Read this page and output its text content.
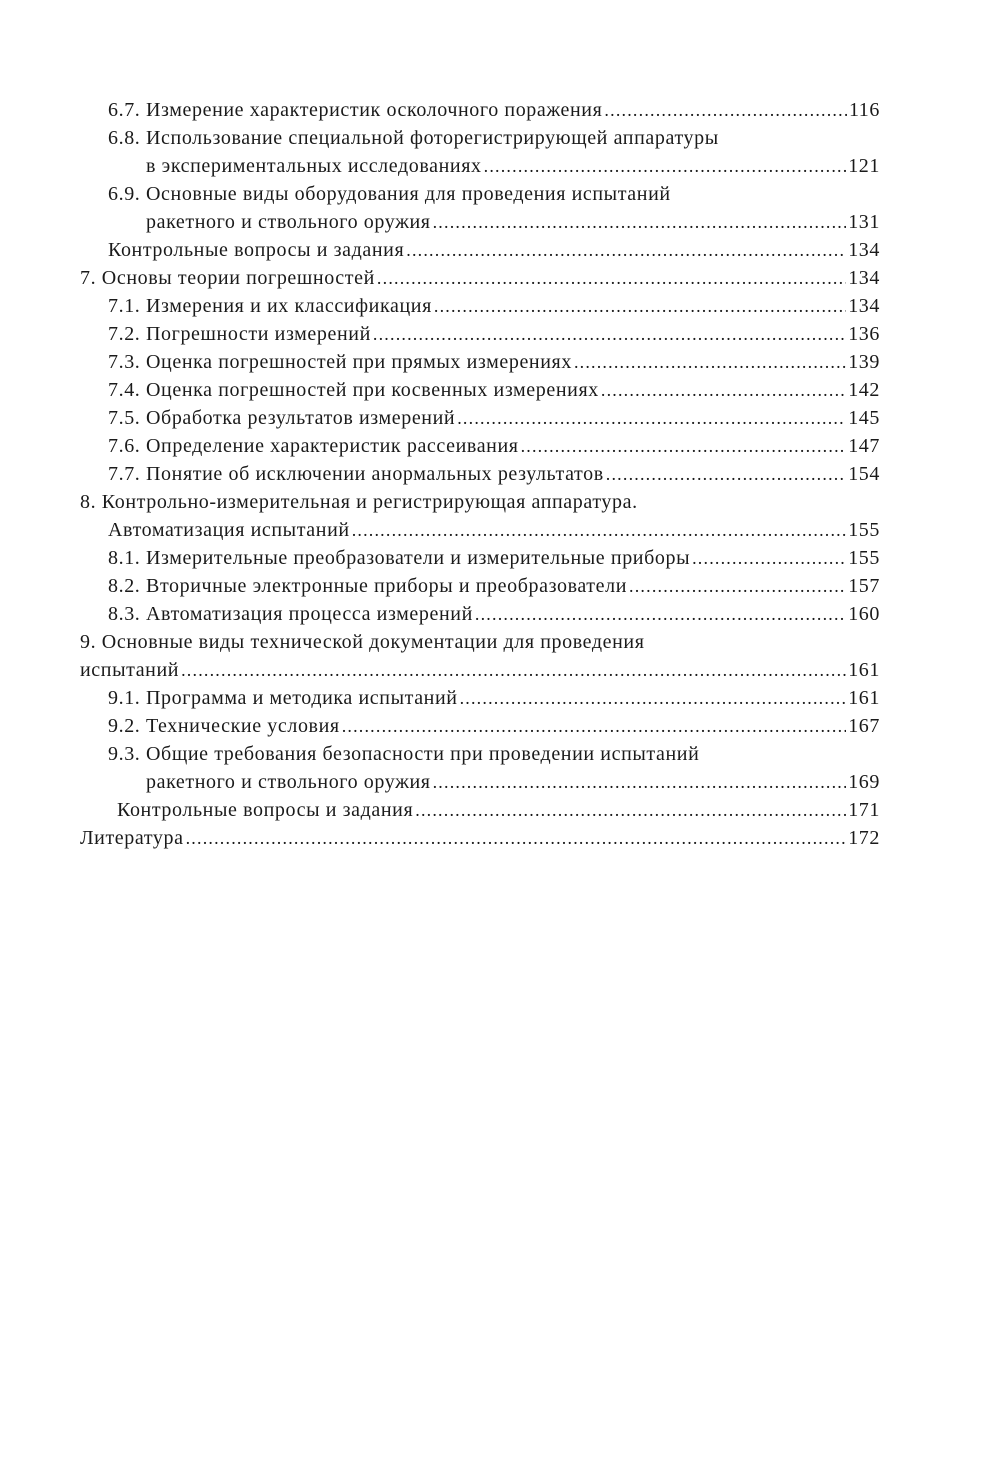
6.7. Измерение характеристик осколочного поражения .....	116
6.8. Использование специальной фоторегистрирующей аппаратуры
в экспериментальных исследованиях .....	121
6.9. Основные виды оборудования для проведения испытаний
ракетного и ствольного оружия .....	131
Контрольные вопросы и задания .....	134
7. Основы теории погрешностей .....	134
7.1. Измерения и их классификация .....	134
7.2. Погрешности измерений .....	136
7.3. Оценка погрешностей при прямых измерениях .....	139
7.4. Оценка погрешностей при косвенных измерениях .....	142
7.5. Обработка результатов измерений .....	145
7.6. Определение характеристик рассеивания .....	147
7.7. Понятие об исключении анормальных результатов .....	154
8. Контрольно-измерительная и регистрирующая аппаратура.
Автоматизация испытаний .....	155
8.1. Измерительные преобразователи и измерительные приборы .....	155
8.2. Вторичные электронные приборы и преобразователи .....	157
8.3. Автоматизация процесса измерений .....	160
9. Основные виды технической документации для проведения
испытаний .....	161
9.1. Программа и методика испытаний .....	161
9.2. Технические условия .....	167
9.3. Общие требования безопасности при проведении испытаний
ракетного и ствольного оружия .....	169
Контрольные вопросы и задания .....	171
Литература .....	172
